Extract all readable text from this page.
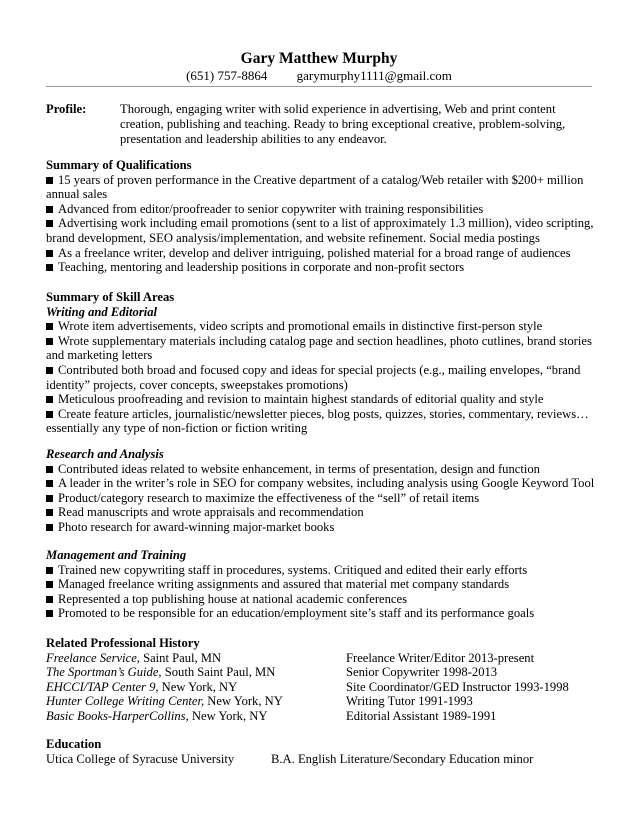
Gary Matthew Murphy
(651) 757-8864 garymurphy1111@gmail.com
Profile:	Thorough, engaging writer with solid experience in advertising, Web and print content creation, publishing and teaching. Ready to bring exceptional creative, problem-solving, presentation and leadership abilities to any endeavor.
Summary of Qualifications
15 years of proven performance in the Creative department of a catalog/Web retailer with $200+ million annual sales
Advanced from editor/proofreader to senior copywriter with training responsibilities
Advertising work including email promotions (sent to a list of approximately 1.3 million), video scripting, brand development, SEO analysis/implementation, and website refinement. Social media postings
As a freelance writer, develop and deliver intriguing, polished material for a broad range of audiences
Teaching, mentoring and leadership positions in corporate and non-profit sectors
Summary of Skill Areas
Writing and Editorial
Wrote item advertisements, video scripts and promotional emails in distinctive first-person style
Wrote supplementary materials including catalog page and section headlines, photo cutlines, brand stories and marketing letters
Contributed both broad and focused copy and ideas for special projects (e.g., mailing envelopes, “brand identity” projects, cover concepts, sweepstakes promotions)
Meticulous proofreading and revision to maintain highest standards of editorial quality and style
Create feature articles, journalistic/newsletter pieces, blog posts, quizzes, stories, commentary, reviews…essentially any type of non-fiction or fiction writing
Research and Analysis
Contributed ideas related to website enhancement, in terms of presentation, design and function
A leader in the writer’s role in SEO for company websites, including analysis using Google Keyword Tool
Product/category research to maximize the effectiveness of the “sell” of retail items
Read manuscripts and wrote appraisals and recommendation
Photo research for award-winning major-market books
Management and Training
Trained new copywriting staff in procedures, systems. Critiqued and edited their early efforts
Managed freelance writing assignments and assured that material met company standards
Represented a top publishing house at national academic conferences
Promoted to be responsible for an education/employment site’s staff and its performance goals
Related Professional History
Freelance Service, Saint Paul, MN	Freelance Writer/Editor 2013-present
The Sportman’s Guide, South Saint Paul, MN	Senior Copywriter 1998-2013
EHCCI/TAP Center 9, New York, NY	Site Coordinator/GED Instructor 1993-1998
Hunter College Writing Center, New York, NY	Writing Tutor 1991-1993
Basic Books-HarperCollins, New York, NY	Editorial Assistant 1989-1991
Education
Utica College of Syracuse University	B.A. English Literature/Secondary Education minor
